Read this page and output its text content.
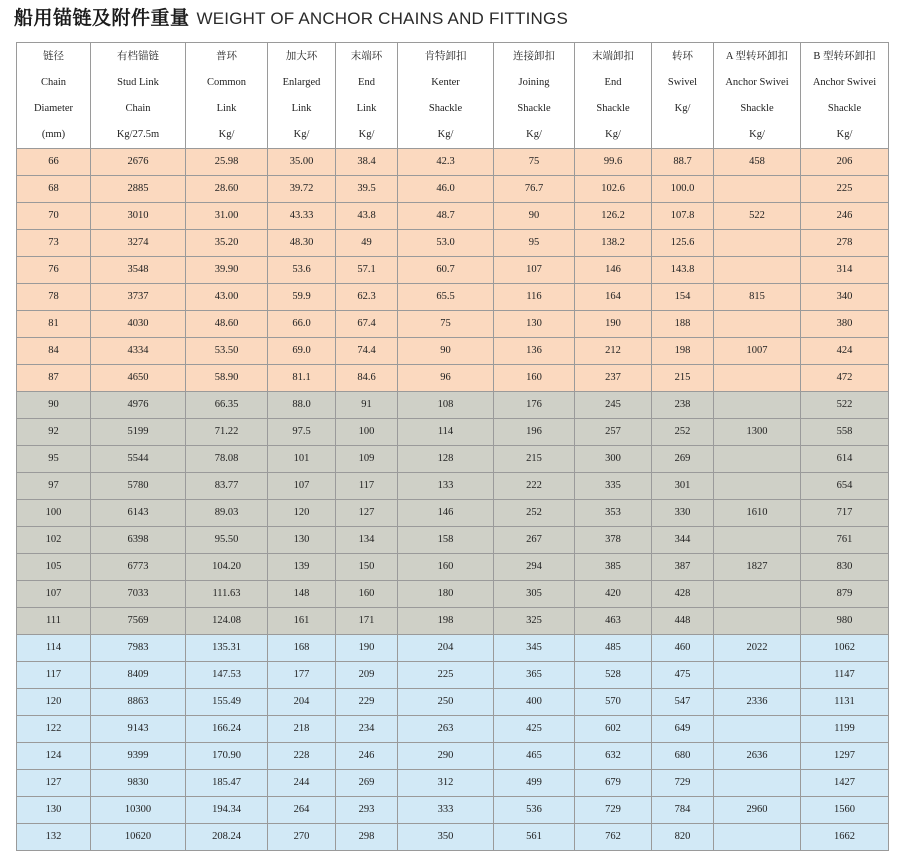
船用锚链及附件重量 WEIGHT OF ANCHOR CHAINS AND FITTINGS
链径
Chain
Diameter
(mm)	有档锚链
Stud Link
Chain
Kg/27.5m	普环
Common
Link
Kg/	加大环
Enlarged
Link
Kg/	末端环
End
Link
Kg/	肯特卸扣
Kenter
Shackle
Kg/	连接卸扣
Joining
Shackle
Kg/	末端卸扣
End
Shackle
Kg/	转环
Swivel
Kg/	A 型转环卸扣
Anchor Swivei
Shackle
Kg/	B 型转环卸扣
Anchor Swivei
Shackle
Kg/

66	2676	25.98	35.00	38.4	42.3	75	99.6	88.7	458	206
68	2885	28.60	39.72	39.5	46.0	76.7	102.6	100.0		225
70	3010	31.00	43.33	43.8	48.7	90	126.2	107.8	522	246
73	3274	35.20	48.30	49	53.0	95	138.2	125.6		278
76	3548	39.90	53.6	57.1	60.7	107	146	143.8		314
78	3737	43.00	59.9	62.3	65.5	116	164	154	815	340
81	4030	48.60	66.0	67.4	75	130	190	188		380
84	4334	53.50	69.0	74.4	90	136	212	198	1007	424
87	4650	58.90	81.1	84.6	96	160	237	215		472
90	4976	66.35	88.0	91	108	176	245	238		522
92	5199	71.22	97.5	100	114	196	257	252	1300	558
95	5544	78.08	101	109	128	215	300	269		614
97	5780	83.77	107	117	133	222	335	301		654
100	6143	89.03	120	127	146	252	353	330	1610	717
102	6398	95.50	130	134	158	267	378	344		761
105	6773	104.20	139	150	160	294	385	387	1827	830
107	7033	111.63	148	160	180	305	420	428		879
111	7569	124.08	161	171	198	325	463	448		980
114	7983	135.31	168	190	204	345	485	460	2022	1062
117	8409	147.53	177	209	225	365	528	475		1147
120	8863	155.49	204	229	250	400	570	547	2336	1131
122	9143	166.24	218	234	263	425	602	649		1199
124	9399	170.90	228	246	290	465	632	680	2636	1297
127	9830	185.47	244	269	312	499	679	729		1427
130	10300	194.34	264	293	333	536	729	784	2960	1560
132	10620	208.24	270	298	350	561	762	820		1662
